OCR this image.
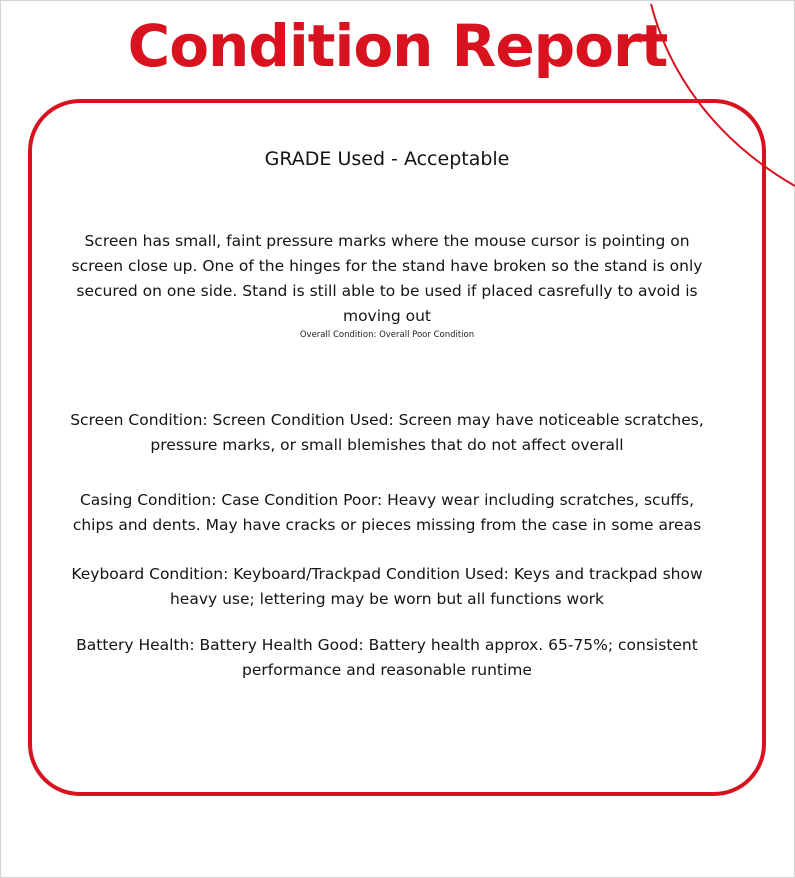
Condition Report
GRADE Used - Acceptable
Screen has small, faint pressure marks where the mouse cursor is pointing on screen close up. One of the hinges for the stand have broken so the stand is only secured on one side. Stand is still able to be used if placed casrefully to avoid is moving out
Overall Condition: Overall Poor Condition
Screen Condition: Screen Condition Used: Screen may have noticeable scratches, pressure marks, or small blemishes that do not affect overall
Casing Condition: Case Condition Poor: Heavy wear including scratches, scuffs, chips and dents. May have cracks or pieces missing from the case in some areas
Keyboard Condition: Keyboard/Trackpad Condition Used: Keys and trackpad show heavy use; lettering may be worn but all functions work
Battery Health: Battery Health Good: Battery health approx. 65-75%; consistent performance and reasonable runtime
